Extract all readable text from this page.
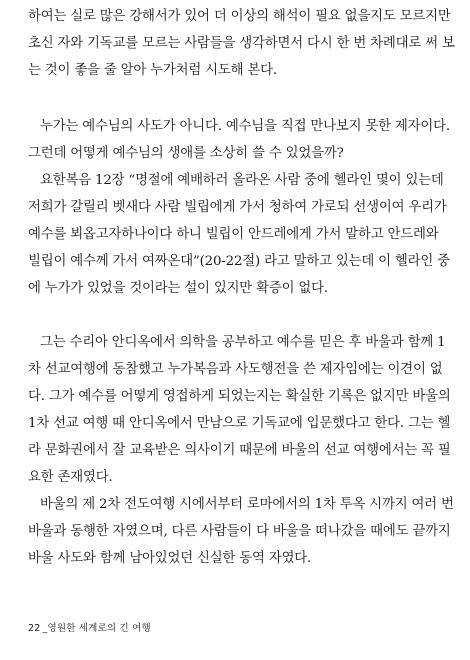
하여는 실로 많은 강해서가 있어 더 이상의 해석이 필요 없을지도 모르지만
초신 자와 기독교를 모르는 사람들을 생각하면서 다시 한 번 차례대로 써 보
는 것이 좋을 줄 알아 누가처럼 시도해 본다.
누가는 예수님의 사도가 아니다. 예수님을 직접 만나보지 못한 제자이다.
그런데 어떻게 예수님의 생애를 소상히 쓸 수 있었을까?
요한복음 12장 “명절에 예배하러 올라온 사람 중에 헬라인 몇이 있는데
저희가 갈릴리 벳새다 사람 빌립에게 가서 청하여 가로되 선생이여 우리가
예수를 뵈옵고자하나이다 하니 빌립이 안드레에게 가서 말하고 안드레와
빌립이 예수께 가서 여짜온대”(20-22절) 라고 말하고 있는데 이 헬라인 중
에 누가가 있었을 것이라는 설이 있지만 확증이 없다.
그는 수리아 안디옥에서 의학을 공부하고 예수를 믿은 후 바울과 함께 1
차 선교여행에 동참했고 누가복음과 사도행전을 쓴 제자임에는 이견이 없
다. 그가 예수를 어떻게 영접하게 되었는지는 확실한 기록은 없지만 바울의
1차 선교 여행 때 안디옥에서 만남으로 기독교에 입문했다고 한다. 그는 헬
라 문화권에서 잘 교육받은 의사이기 때문에 바울의 선교 여행에서는 꼭 필
요한 존재였다.
바울의 제 2차 전도여행 시에서부터 로마에서의 1차 투옥 시까지 여러 번
바울과 동행한 자였으며, 다른 사람들이 다 바울을 떠나갔을 때에도 끝까지
바울 사도와 함께 남아있었던 신실한 동역 자였다.
22 _영원한 세계로의 긴 여행
